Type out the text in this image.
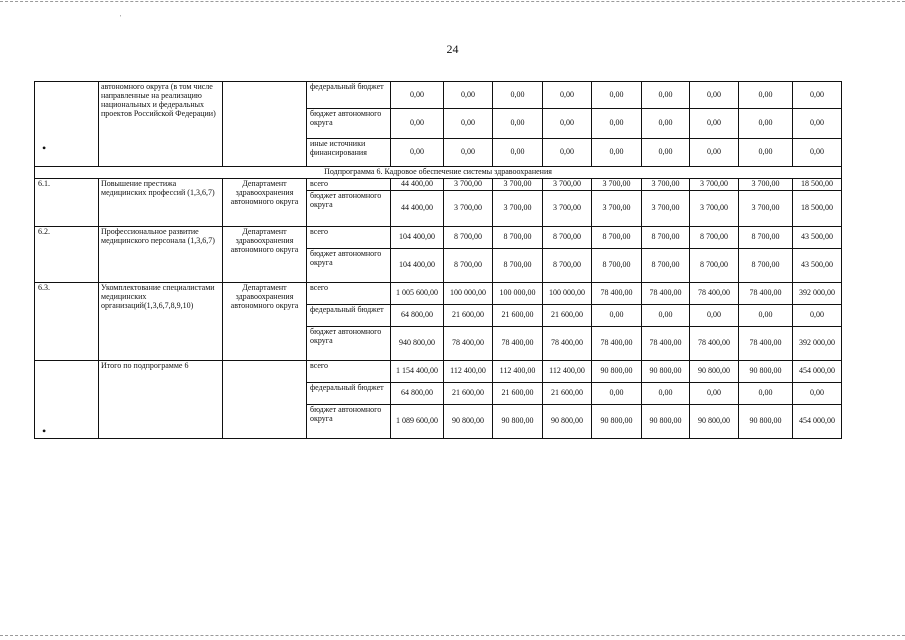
24
'
	автономного округа (в том числе направленные на реализацию национальных и федеральных проектов Российской Федерации)		федеральный бюджет	0,00	0,00	0,00	0,00	0,00	0,00	0,00	0,00	0,00
			бюджет автономного округа	0,00	0,00	0,00	0,00	0,00	0,00	0,00	0,00	0,00
			иные источники финансирования	0,00	0,00	0,00	0,00	0,00	0,00	0,00	0,00	0,00
Подпрограмма 6. Кадровое обеспечение системы здравоохранения												
6.1.	Повышение престижа медицинских профессий (1,3,6,7)	Департамент здравоохранения автономного округа	всего	44 400,00	3 700,00	3 700,00	3 700,00	3 700,00	3 700,00	3 700,00	3 700,00	18 500,00
			бюджет автономного округа	44 400,00	3 700,00	3 700,00	3 700,00	3 700,00	3 700,00	3 700,00	3 700,00	18 500,00
6.2.	Профессиональное развитие медицинского персонала (1,3,6,7)	Департамент здравоохранения автономного округа	всего	104 400,00	8 700,00	8 700,00	8 700,00	8 700,00	8 700,00	8 700,00	8 700,00	43 500,00
			бюджет автономного округа	104 400,00	8 700,00	8 700,00	8 700,00	8 700,00	8 700,00	8 700,00	8 700,00	43 500,00
6.3.	Укомплектование специалистами медицинских организаций(1,3,6,7,8,9,10)	Департамент здравоохранения автономного округа	всего	1 005 600,00	100 000,00	100 000,00	100 000,00	78 400,00	78 400,00	78 400,00	78 400,00	392 000,00
			федеральный бюджет	64 800,00	21 600,00	21 600,00	21 600,00	0,00	0,00	0,00	0,00	0,00
			бюджет автономного округа	940 800,00	78 400,00	78 400,00	78 400,00	78 400,00	78 400,00	78 400,00	78 400,00	392 000,00
	Итого по подпрограмме 6		всего	1 154 400,00	112 400,00	112 400,00	112 400,00	90 800,00	90 800,00	90 800,00	90 800,00	454 000,00
			федеральный бюджет	64 800,00	21 600,00	21 600,00	21 600,00	0,00	0,00	0,00	0,00	0,00
			бюджет автономного округа	1 089 600,00	90 800,00	90 800,00	90 800,00	90 800,00	90 800,00	90 800,00	90 800,00	454 000,00
•
•
